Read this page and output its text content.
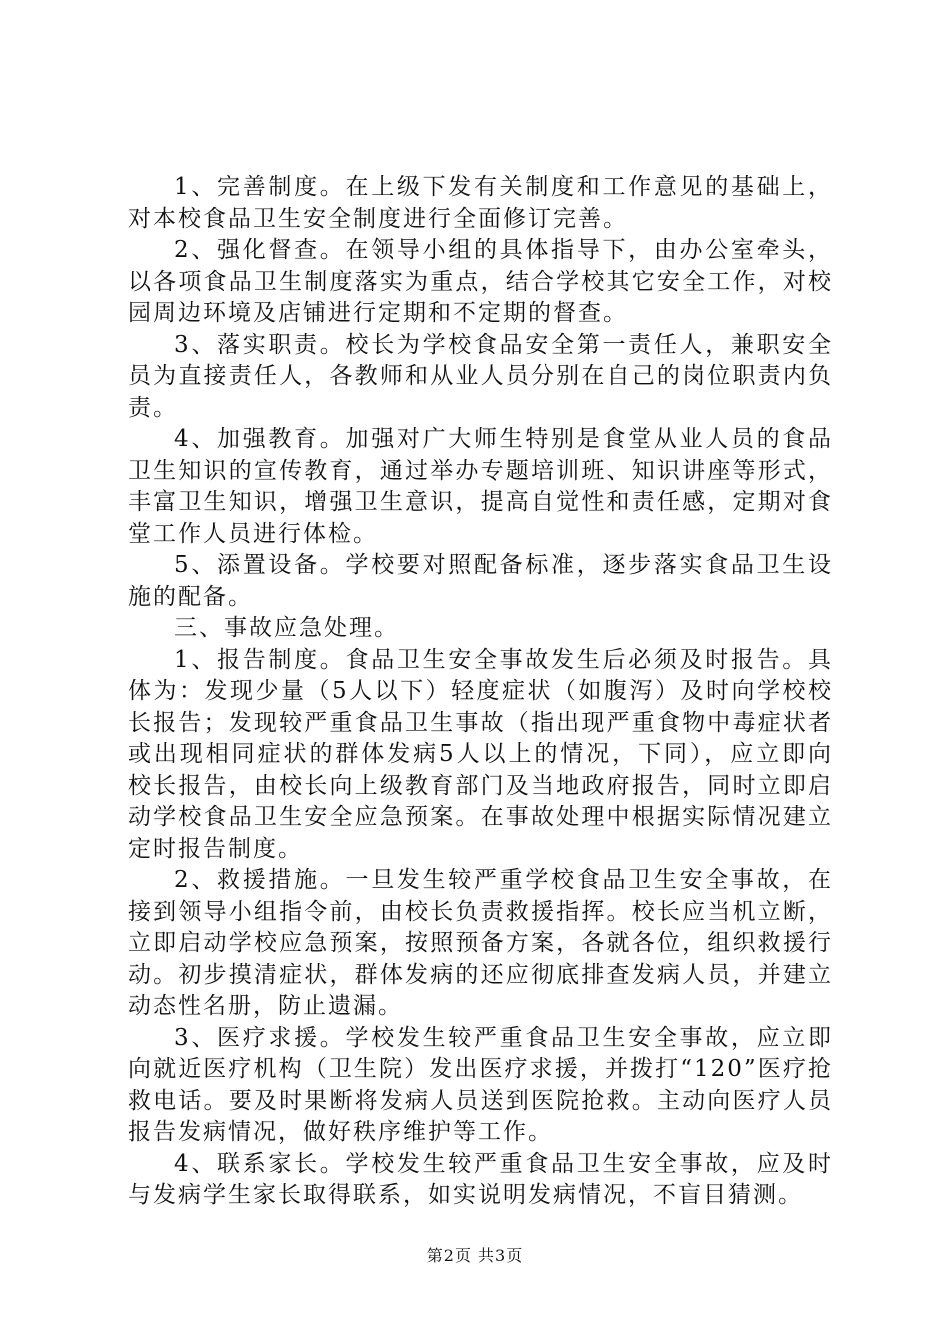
1、完善制度。在上级下发有关制度和工作意见的基础上，对本校食品卫生安全制度进行全面修订完善。

2、强化督查。在领导小组的具体指导下，由办公室牵头，以各项食品卫生制度落实为重点，结合学校其它安全工作，对校园周边环境及店铺进行定期和不定期的督查。

3、落实职责。校长为学校食品安全第一责任人，兼职安全员为直接责任人，各教师和从业人员分别在自己的岗位职责内负责。

4、加强教育。加强对广大师生特别是食堂从业人员的食品卫生知识的宣传教育，通过举办专题培训班、知识讲座等形式，丰富卫生知识，增强卫生意识，提高自觉性和责任感，定期对食堂工作人员进行体检。

5、添置设备。学校要对照配备标准，逐步落实食品卫生设施的配备。

三、事故应急处理。

1、报告制度。食品卫生安全事故发生后必须及时报告。具体为：发现少量（5人以下）轻度症状（如腹泻）及时向学校校长报告；发现较严重食品卫生事故（指出现严重食物中毒症状者或出现相同症状的群体发病5人以上的情况，下同），应立即向校长报告，由校长向上级教育部门及当地政府报告，同时立即启动学校食品卫生安全应急预案。在事故处理中根据实际情况建立定时报告制度。

2、救援措施。一旦发生较严重学校食品卫生安全事故，在接到领导小组指令前，由校长负责救援指挥。校长应当机立断，立即启动学校应急预案，按照预备方案，各就各位，组织救援行动。初步摸清症状，群体发病的还应彻底排查发病人员，并建立动态性名册，防止遗漏。

3、医疗求援。学校发生较严重食品卫生安全事故，应立即向就近医疗机构（卫生院）发出医疗求援，并拨打“120”医疗抢救电话。要及时果断将发病人员送到医院抢救。主动向医疗人员报告发病情况，做好秩序维护等工作。

4、联系家长。学校发生较严重食品卫生安全事故，应及时与发病学生家长取得联系，如实说明发病情况，不盲目猜测。

第2页 共3页
